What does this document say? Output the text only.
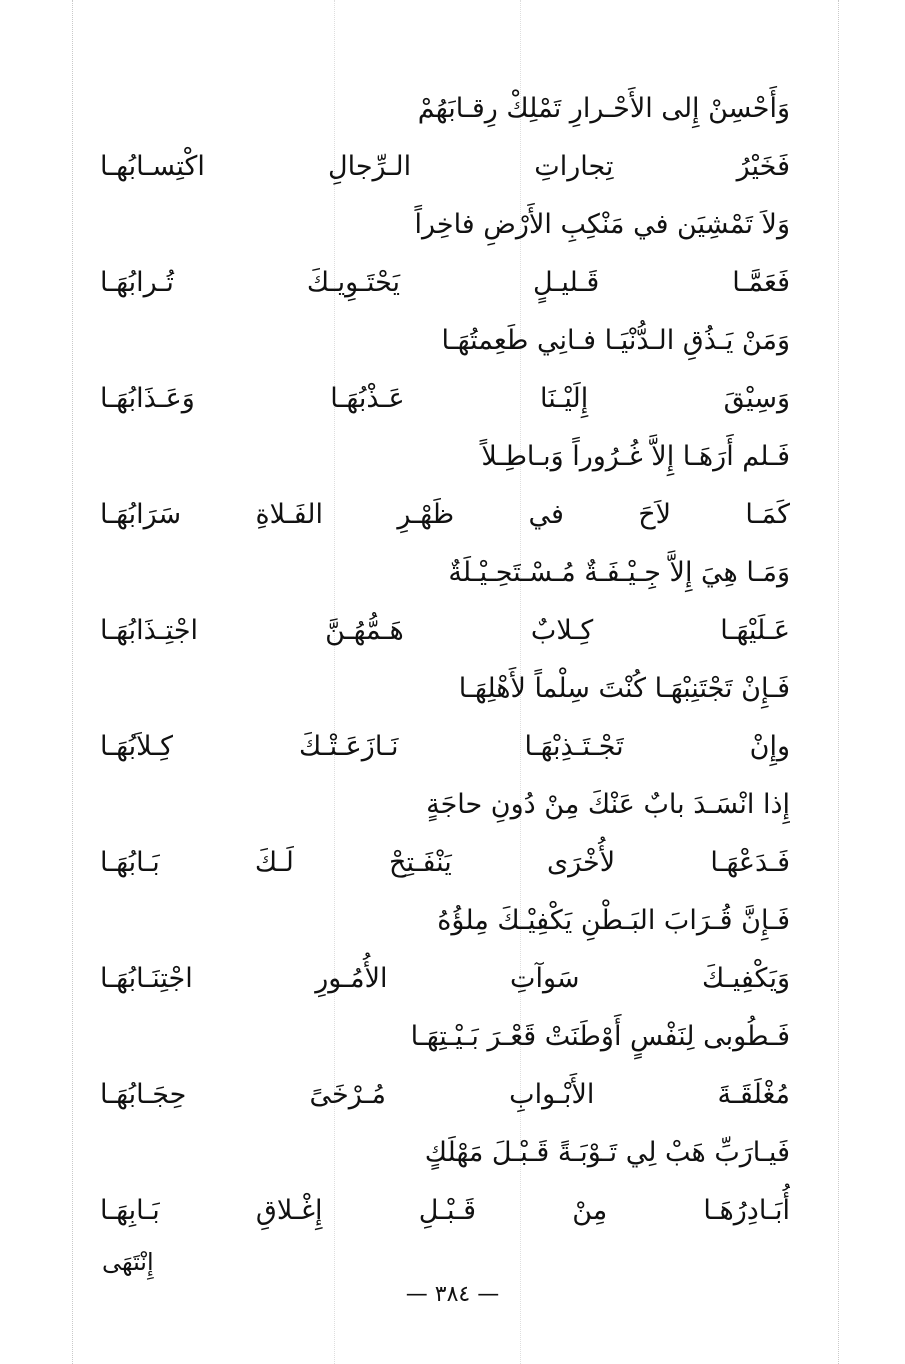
وَأَحْسِنْ إِلى الأَحْـرارِ تَمْلِكْ رِقـابَهُمْ
فَخَيْرُ تِجاراتِ الـرِّجالِ اكْتِسـابُهـا
وَلاَ تَمْشِيَن في مَنْكِبِ الأَرْضِ فاخِراً
فَعَمَّـا قَـليـلٍ يَحْتَـوِيـكَ تُـرابُهَـا
وَمَنْ يَـذُقِ الـدُّنْيَـا فـانِي طَعِمتُهَـا
وَسِيْقَ إِلَيْـنَا عَـذْبُهَـا وَعَـذَابُهَـا
فَـلم أَرَهَـا إِلاَّ غُـرُوراً وَبـاطِـلاً
كَمَـا لاَحَ في ظَهْـرِ الفَـلاةِ سَرَابُهَـا
وَمَـا هِيَ إِلاَّ جِـيْـفَـةٌ مُـسْـتَحِـيْـلَةٌ
عَـلَيْهَـا كِـلابٌ هَـمُّهُـنَّ اجْتِـذَابُهَـا
فَـإِنْ تَجْتَنِبْهَـا كُنْتَ سِلْماً لأَهْلِهَـا
وإِنْ تَجْـتَـذِبْهَـا نَـازَعَـتْـكَ كِـلاَبُهَـا
إِذا انْسَـدَ بابٌ عَنْكَ مِنْ دُونِ حاجَةٍ
فَـدَعْهَـا لأُخْرَى يَنْفَـتِحْ لَـكَ بَـابُهَـا
فَـإِنَّ قُـرَابَ البَـطْنِ يَكْفِيْـكَ مِلؤُهُ
وَيَكْفِيـكَ سَوآتِ الأُمُـورِ اجْتِنَـابُهَـا
فَـطُوبى لِنَفْسٍ أَوْطَنَتْ قَعْـرَ بَـيْـتِهَـا
مُغْلَقَـةَ الأَبْـوابِ مُـرْخَىً حِجَـابُهَـا
فَيـارَبِّ هَبْ لِي تَـوْبَـةً قَـبْـلَ مَهْلَكٍ
أُبَـادِرُهَـا مِنْ قَـبْـلِ إِغْـلاقِ بَـابِهَـا
إِنْتَهَى
— ٣٨٤ —
